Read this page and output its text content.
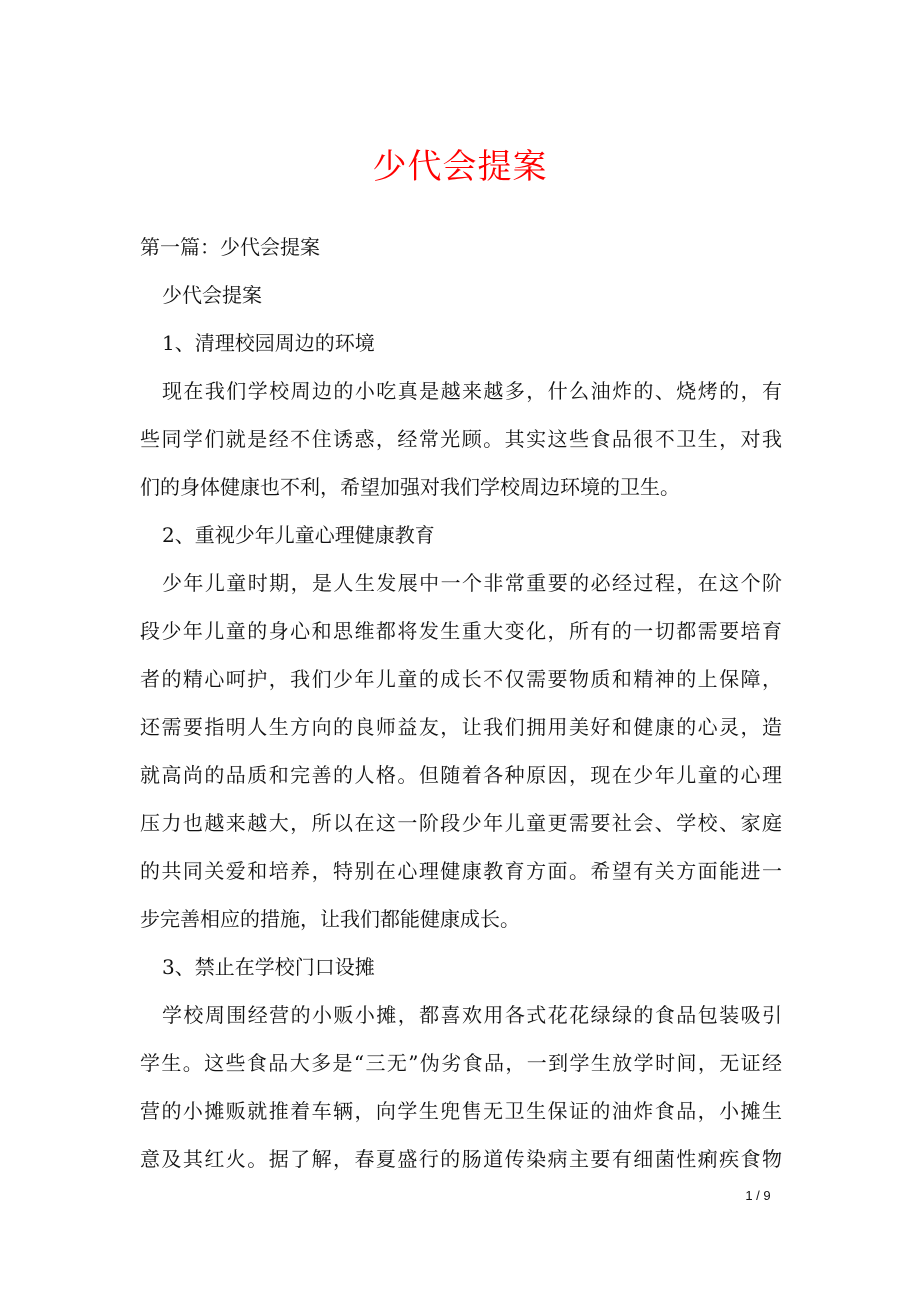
少代会提案
第一篇：少代会提案
少代会提案
1、清理校园周边的环境
现在我们学校周边的小吃真是越来越多，什么油炸的、烧烤的，有
些同学们就是经不住诱惑，经常光顾。其实这些食品很不卫生，对我
们的身体健康也不利，希望加强对我们学校周边环境的卫生。
2、重视少年儿童心理健康教育
少年儿童时期，是人生发展中一个非常重要的必经过程，在这个阶
段少年儿童的身心和思维都将发生重大变化，所有的一切都需要培育
者的精心呵护，我们少年儿童的成长不仅需要物质和精神的上保障，
还需要指明人生方向的良师益友，让我们拥用美好和健康的心灵，造
就高尚的品质和完善的人格。但随着各种原因，现在少年儿童的心理
压力也越来越大，所以在这一阶段少年儿童更需要社会、学校、家庭
的共同关爱和培养，特别在心理健康教育方面。希望有关方面能进一
步完善相应的措施，让我们都能健康成长。
3、禁止在学校门口设摊
学校周围经营的小贩小摊，都喜欢用各式花花绿绿的食品包装吸引
学生。这些食品大多是“三无”伪劣食品，一到学生放学时间，无证经
营的小摊贩就推着车辆，向学生兜售无卫生保证的油炸食品，小摊生
意及其红火。据了解，春夏盛行的肠道传染病主要有细菌性痢疾食物
1 / 9
